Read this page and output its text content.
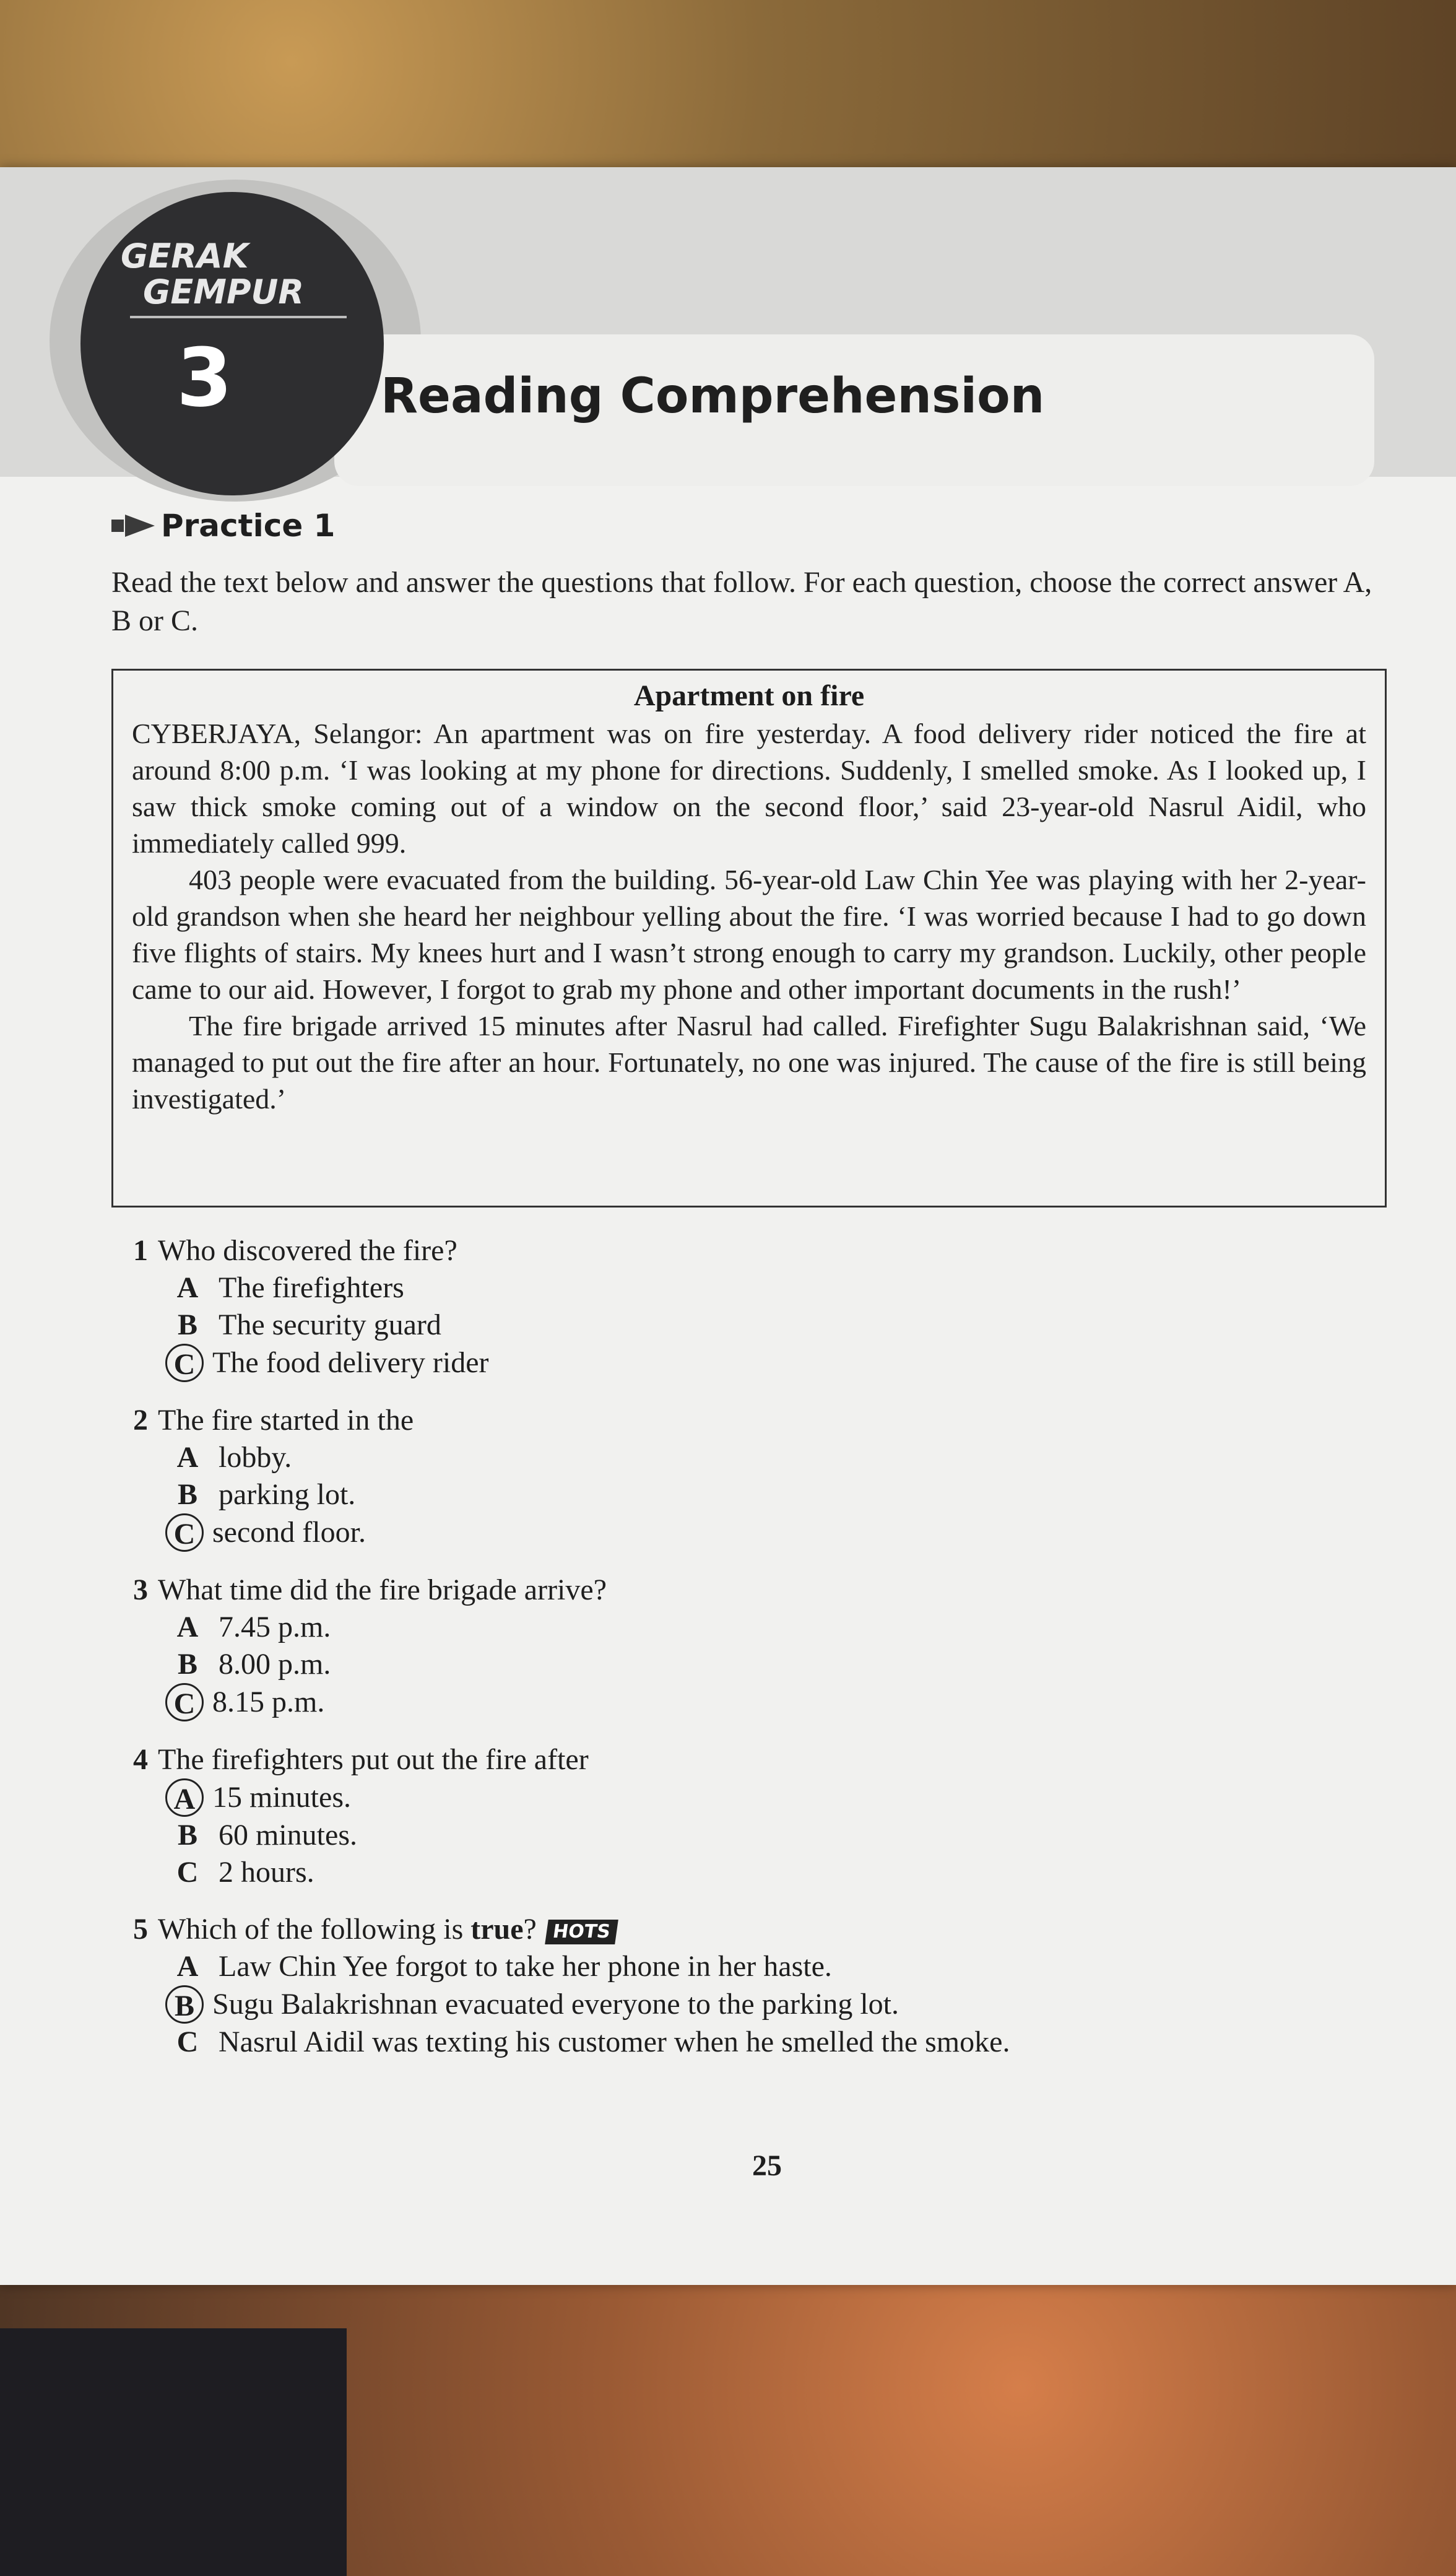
GERAK
GEMPUR
3	Reading Comprehension
Practice 1
Read the text below and answer the questions that follow. For each question, choose the correct answer A, B or C.
Apartment on fire

CYBERJAYA, Selangor: An apartment was on fire yesterday. A food delivery rider noticed the fire at around 8:00 p.m. ‘I was looking at my phone for directions. Suddenly, I smelled smoke. As I looked up, I saw thick smoke coming out of a window on the second floor,’ said 23-year-old Nasrul Aidil, who immediately called 999.

403 people were evacuated from the building. 56-year-old Law Chin Yee was playing with her 2-year-old grandson when she heard her neighbour yelling about the fire. ‘I was worried because I had to go down five flights of stairs. My knees hurt and I wasn’t strong enough to carry my grandson. Luckily, other people came to our aid. However, I forgot to grab my phone and other important documents in the rush!’

The fire brigade arrived 15 minutes after Nasrul had called. Firefighter Sugu Balakrishnan said, ‘We managed to put out the fire after an hour. Fortunately, no one was injured. The cause of the fire is still being investigated.’

1 Who discovered the fire?
A The firefighters
B The security guard
C The food delivery rider
2 The fire started in the
A lobby.
B parking lot.
C second floor.
3 What time did the fire brigade arrive?
A 7.45 p.m.
B 8.00 p.m.
C 8.15 p.m.
4 The firefighters put out the fire after
A 15 minutes.
B 60 minutes.
C 2 hours.
5 Which of the following is true? HOTS
A Law Chin Yee forgot to take her phone in her haste.
B Sugu Balakrishnan evacuated everyone to the parking lot.
C Nasrul Aidil was texting his customer when he smelled the smoke.
25
